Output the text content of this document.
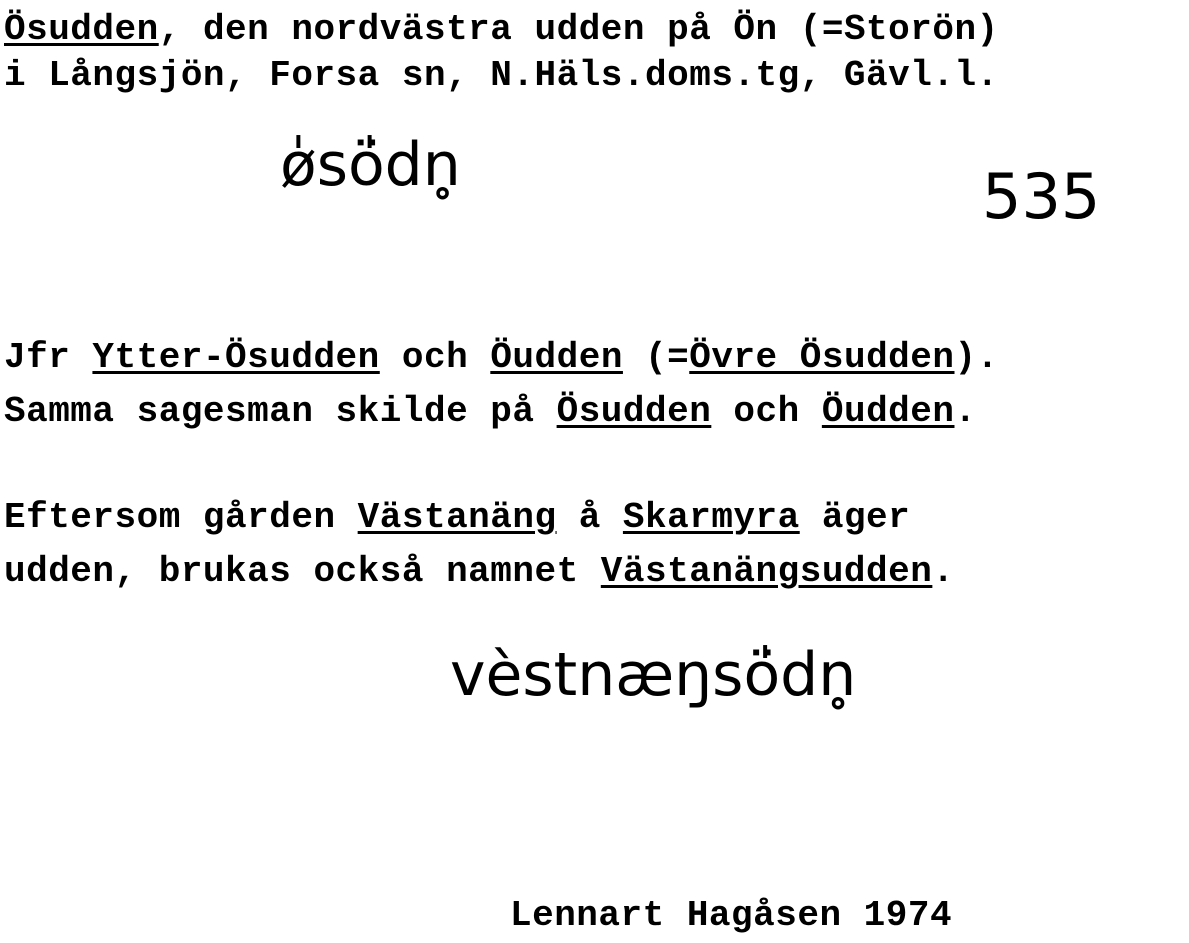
Ösudden, den nordvästra udden på Ön (=Storön)
i Långsjön, Forsa sn, N.Häls.doms.tg, Gävl.l.
ø̍sö̍dn̥	535
Jfr Ytter-Ösudden och Öudden (=Övre Ösudden).
Samma sagesman skilde på Ösudden och Öudden.
Eftersom gården Västanäng å Skarmyra äger
udden, brukas också namnet Västanängsudden.
vèstnæŋsö̍dn̥
Lennart Hagåsen 1974
